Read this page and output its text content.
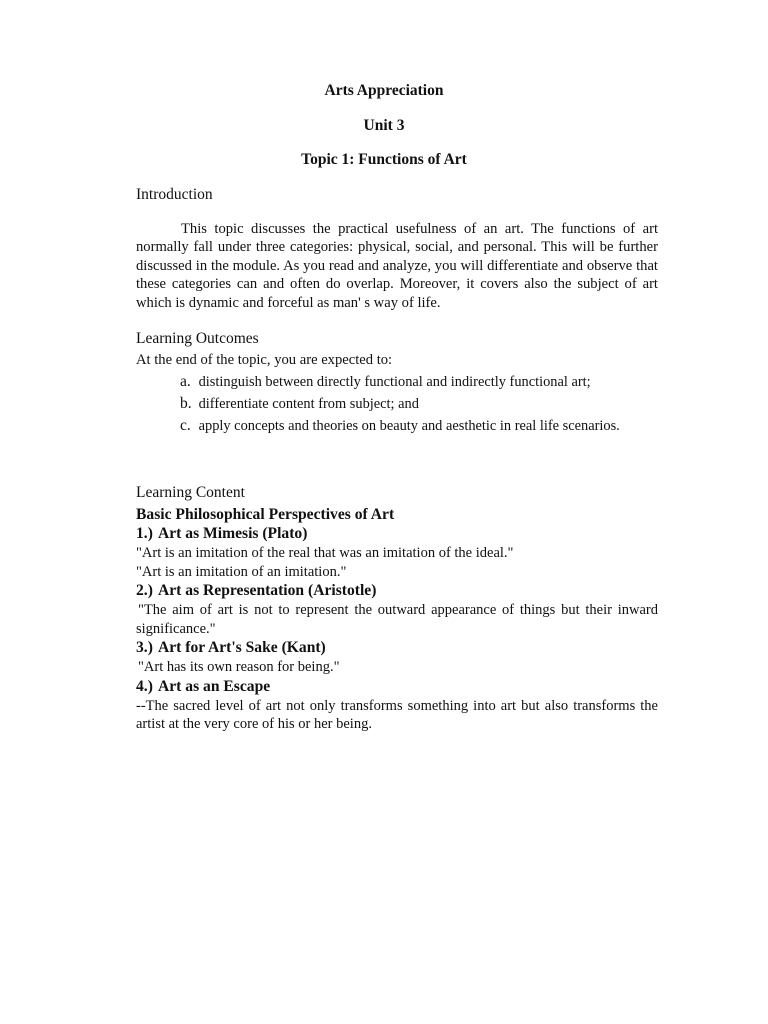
Arts Appreciation
Unit 3
Topic 1: Functions of Art
Introduction

This topic discusses the practical usefulness of an art. The functions of art normally fall under three categories: physical, social, and personal. This will be further discussed in the module. As you read and analyze, you will differentiate and observe that these categories can and often do overlap. Moreover, it covers also the subject of art which is dynamic and forceful as man' s way of life.

Learning Outcomes

At the end of the topic, you are expected to:

a. distinguish between directly functional and indirectly functional art;
b. differentiate content from subject; and
c. apply concepts and theories on beauty and aesthetic in real life scenarios.
Learning Content

Basic Philosophical Perspectives of Art

1.) Art as Mimesis (Plato)

"Art is an imitation of the real that was an imitation of the ideal."

"Art is an imitation of an imitation."

2.) Art as Representation (Aristotle)

"The aim of art is not to represent the outward appearance of things but their inward significance."

3.) Art for Art's Sake (Kant)

"Art has its own reason for being."

4.) Art as an Escape

--The sacred level of art not only transforms something into art but also transforms the artist at the very core of his or her being.
